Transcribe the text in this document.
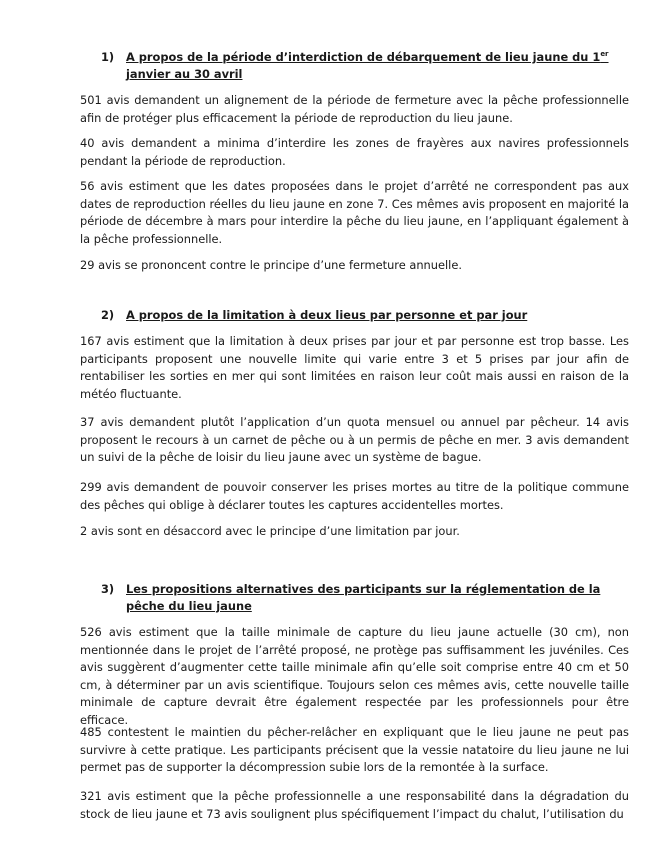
1) A propos de la période d’interdiction de débarquement de lieu jaune du 1er janvier au 30 avril

501 avis demandent un alignement de la période de fermeture avec la pêche professionnelle afin de protéger plus efficacement la période de reproduction du lieu jaune.

40 avis demandent a minima d’interdire les zones de frayères aux navires professionnels pendant la période de reproduction.

56 avis estiment que les dates proposées dans le projet d’arrêté ne correspondent pas aux dates de reproduction réelles du lieu jaune en zone 7. Ces mêmes avis proposent en majorité la période de décembre à mars pour interdire la pêche du lieu jaune, en l’appliquant également à la pêche professionnelle.

29 avis se prononcent contre le principe d’une fermeture annuelle.

2) A propos de la limitation à deux lieus par personne et par jour

167 avis estiment que la limitation à deux prises par jour et par personne est trop basse. Les participants proposent une nouvelle limite qui varie entre 3 et 5 prises par jour afin de rentabiliser les sorties en mer qui sont limitées en raison leur coût mais aussi en raison de la météo fluctuante.

37 avis demandent plutôt l’application d’un quota mensuel ou annuel par pêcheur. 14 avis proposent le recours à un carnet de pêche ou à un permis de pêche en mer. 3 avis demandent un suivi de la pêche de loisir du lieu jaune avec un système de bague.

299 avis demandent de pouvoir conserver les prises mortes au titre de la politique commune des pêches qui oblige à déclarer toutes les captures accidentelles mortes.

2 avis sont en désaccord avec le principe d’une limitation par jour.

3) Les propositions alternatives des participants sur la réglementation de la pêche du lieu jaune

526 avis estiment que la taille minimale de capture du lieu jaune actuelle (30 cm), non mentionnée dans le projet de l’arrêté proposé, ne protège pas suffisamment les juvéniles. Ces avis suggèrent d’augmenter cette taille minimale afin qu’elle soit comprise entre 40 cm et 50 cm, à déterminer par un avis scientifique. Toujours selon ces mêmes avis, cette nouvelle taille minimale de capture devrait être également respectée par les professionnels pour être efficace.

485 contestent le maintien du pêcher-relâcher en expliquant que le lieu jaune ne peut pas survivre à cette pratique. Les participants précisent que la vessie natatoire du lieu jaune ne lui permet pas de supporter la décompression subie lors de la remontée à la surface.

321 avis estiment que la pêche professionnelle a une responsabilité dans la dégradation du stock de lieu jaune et 73 avis soulignent plus spécifiquement l’impact du chalut, l’utilisation du
